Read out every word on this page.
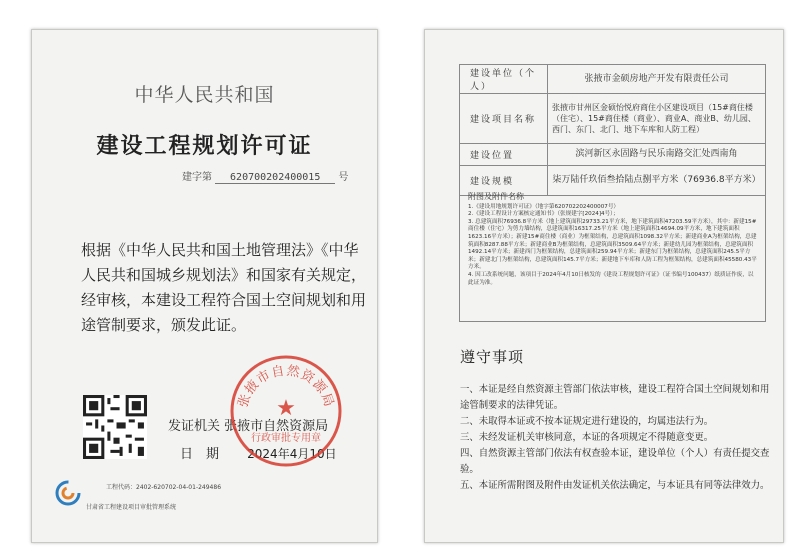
中华人民共和国
建设工程规划许可证
建字第 620700202400015 号
根据《中华人民共和国土地管理法》《中华人民共和国城乡规划法》和国家有关规定，经审核，本建设工程符合国土空间规划和用途管制要求，颁发此证。
发证机关 张掖市自然资源局
日　期 2024年4月10日
张掖市自然资源局
★
行政审批专用章
工程代码：2402-620702-04-01-249486
甘肃省工程建设项目审批管理系统
建设单位（个人）	张掖市金硕房地产开发有限责任公司
建设项目名称	张掖市甘州区金硕怡悦府商住小区建设项目（15#商住楼（住宅）、15#商住楼（商业）、商业A、商业B、幼儿园、西门、东门、北门、地下车库和人防工程）
建设位置	滨河新区永固路与民乐南路交汇处西南角
建设规模	柒万陆仟玖佰叁拾陆点捌平方米（76936.8平方米）
附图及附件名称
1.《建设用地规划许可证》（地字第620702202400007号）
2.《建设工程设计方案核定通知书》（张规建字[2024]4号）；
3. 总建筑面积76936.8平方米（地上建筑面积29733.21平方米，地下建筑面积47203.59平方米），其中：新建15#商住楼（住宅）为剪力墙结构，总建筑面积16317.25平方米（地上建筑面积14694.09平方米，地下建筑面积1623.16平方米）；新建15#商住楼（商业）为框架结构，总建筑面积1098.32平方米；新建商业A为框架结构，总建筑面积8287.88平方米；新建商业B为框架结构，总建筑面积3509.64平方米；新建幼儿园为框架结构，总建筑面积1492.14平方米；新建西门为框架结构，总建筑面积259.94平方米；新建东门为框架结构，总建筑面积245.5平方米；新建北门为框架结构，总建筑面积145.7平方米；新建地下车库和人防工程为框架结构，总建筑面积45580.43平方米。
4. 因工改系统问题，该项目于2024年4月10日核发的《建设工程规划许可证》（证书编号100437）纸质证作废，以此证为准。
遵守事项
一、本证是经自然资源主管部门依法审核，建设工程符合国土空间规划和用途管制要求的法律凭证。
二、未取得本证或不按本证规定进行建设的，均属违法行为。
三、未经发证机关审核同意，本证的各项规定不得随意变更。
四、自然资源主管部门依法有权查验本证，建设单位（个人）有责任提交查验。
五、本证所需附图及附件由发证机关依法确定，与本证具有同等法律效力。
